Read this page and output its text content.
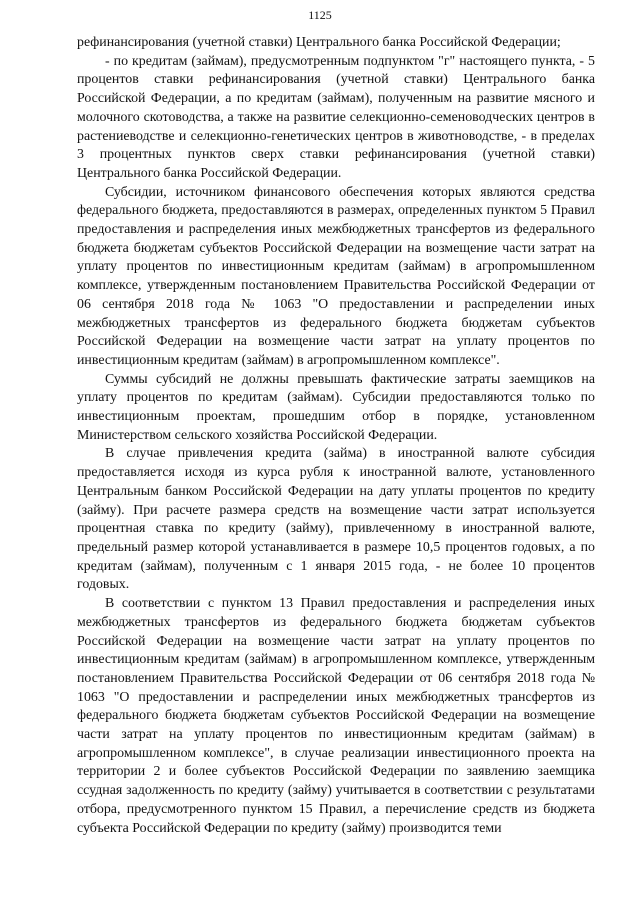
1125

рефинансирования (учетной ставки) Центрального банка Российской Федерации;

- по кредитам (займам), предусмотренным подпунктом "г" настоящего пункта, - 5 процентов ставки рефинансирования (учетной ставки) Центрального банка Российской Федерации, а по кредитам (займам), полученным на развитие мясного и молочного скотоводства, а также на развитие селекционно-семеноводческих центров в растениеводстве и селекционно-генетических центров в животноводстве, - в пределах 3 процентных пунктов сверх ставки рефинансирования (учетной ставки) Центрального банка Российской Федерации.

Субсидии, источником финансового обеспечения которых являются средства федерального бюджета, предоставляются в размерах, определенных пунктом 5 Правил предоставления и распределения иных межбюджетных трансфертов из федерального бюджета бюджетам субъектов Российской Федерации на возмещение части затрат на уплату процентов по инвестиционным кредитам (займам) в агропромышленном комплексе, утвержденным постановлением Правительства Российской Федерации от 06 сентября 2018 года № 1063 "О предоставлении и распределении иных межбюджетных трансфертов из федерального бюджета бюджетам субъектов Российской Федерации на возмещение части затрат на уплату процентов по инвестиционным кредитам (займам) в агропромышленном комплексе".

Суммы субсидий не должны превышать фактические затраты заемщиков на уплату процентов по кредитам (займам). Субсидии предоставляются только по инвестиционным проектам, прошедшим отбор в порядке, установленном Министерством сельского хозяйства Российской Федерации.

В случае привлечения кредита (займа) в иностранной валюте субсидия предоставляется исходя из курса рубля к иностранной валюте, установленного Центральным банком Российской Федерации на дату уплаты процентов по кредиту (займу). При расчете размера средств на возмещение части затрат используется процентная ставка по кредиту (займу), привлеченному в иностранной валюте, предельный размер которой устанавливается в размере 10,5 процентов годовых, а по кредитам (займам), полученным с 1 января 2015 года, - не более 10 процентов годовых.

В соответствии с пунктом 13 Правил предоставления и распределения иных межбюджетных трансфертов из федерального бюджета бюджетам субъектов Российской Федерации на возмещение части затрат на уплату процентов по инвестиционным кредитам (займам) в агропромышленном комплексе, утвержденным постановлением Правительства Российской Федерации от 06 сентября 2018 года № 1063 "О предоставлении и распределении иных межбюджетных трансфертов из федерального бюджета бюджетам субъектов Российской Федерации на возмещение части затрат на уплату процентов по инвестиционным кредитам (займам) в агропромышленном комплексе", в случае реализации инвестиционного проекта на территории 2 и более субъектов Российской Федерации по заявлению заемщика ссудная задолженность по кредиту (займу) учитывается в соответствии с результатами отбора, предусмотренного пунктом 15 Правил, а перечисление средств из бюджета субъекта Российской Федерации по кредиту (займу) производится теми
